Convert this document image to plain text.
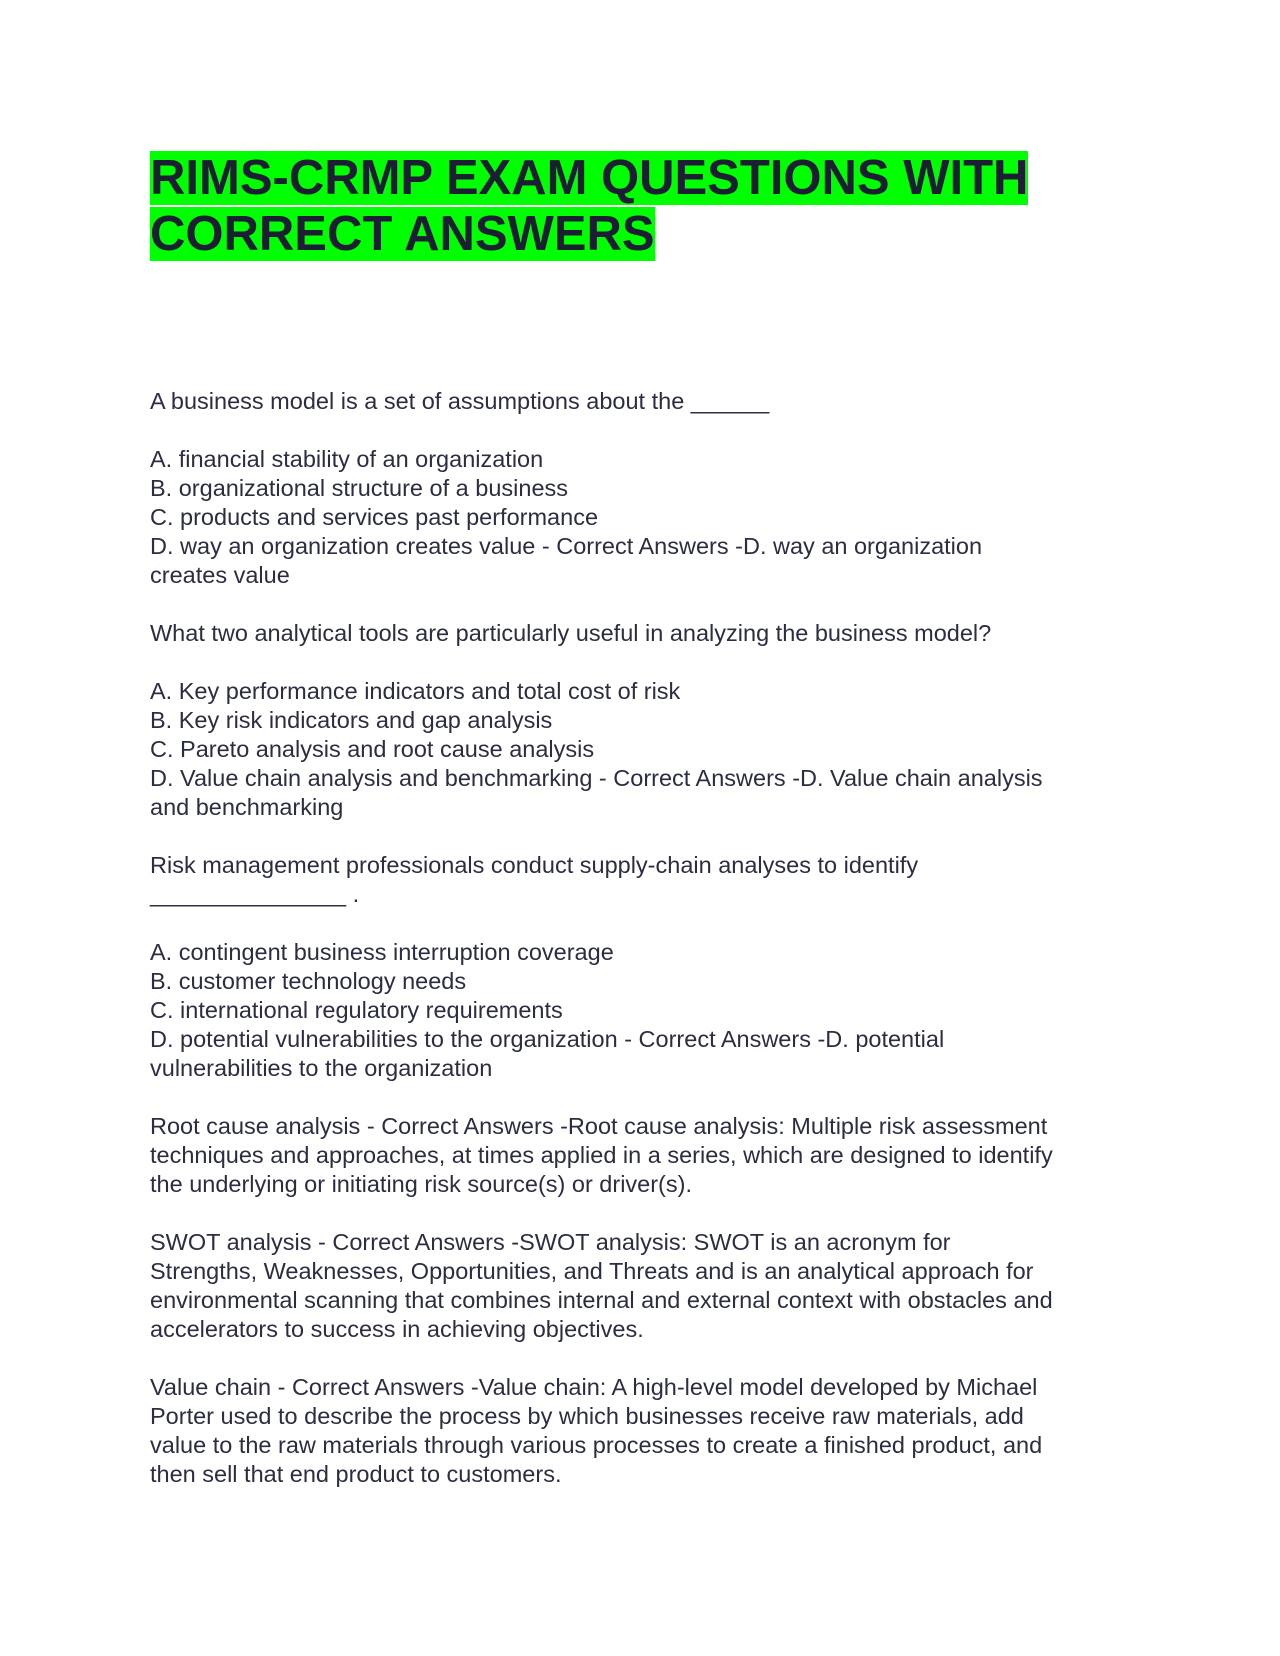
RIMS-CRMP EXAM QUESTIONS WITH
CORRECT ANSWERS
A business model is a set of assumptions about the ______
A. financial stability of an organization
B. organizational structure of a business
C. products and services past performance
D. way an organization creates value - Correct Answers -D. way an organization
creates value
What two analytical tools are particularly useful in analyzing the business model?
A. Key performance indicators and total cost of risk
B. Key risk indicators and gap analysis
C. Pareto analysis and root cause analysis
D. Value chain analysis and benchmarking - Correct Answers -D. Value chain analysis
and benchmarking
Risk management professionals conduct supply-chain analyses to identify
_______________ .
A. contingent business interruption coverage
B. customer technology needs
C. international regulatory requirements
D. potential vulnerabilities to the organization - Correct Answers -D. potential
vulnerabilities to the organization
Root cause analysis - Correct Answers -Root cause analysis: Multiple risk assessment
techniques and approaches, at times applied in a series, which are designed to identify
the underlying or initiating risk source(s) or driver(s).
SWOT analysis - Correct Answers -SWOT analysis: SWOT is an acronym for
Strengths, Weaknesses, Opportunities, and Threats and is an analytical approach for
environmental scanning that combines internal and external context with obstacles and
accelerators to success in achieving objectives.
Value chain - Correct Answers -Value chain: A high-level model developed by Michael
Porter used to describe the process by which businesses receive raw materials, add
value to the raw materials through various processes to create a finished product, and
then sell that end product to customers.
